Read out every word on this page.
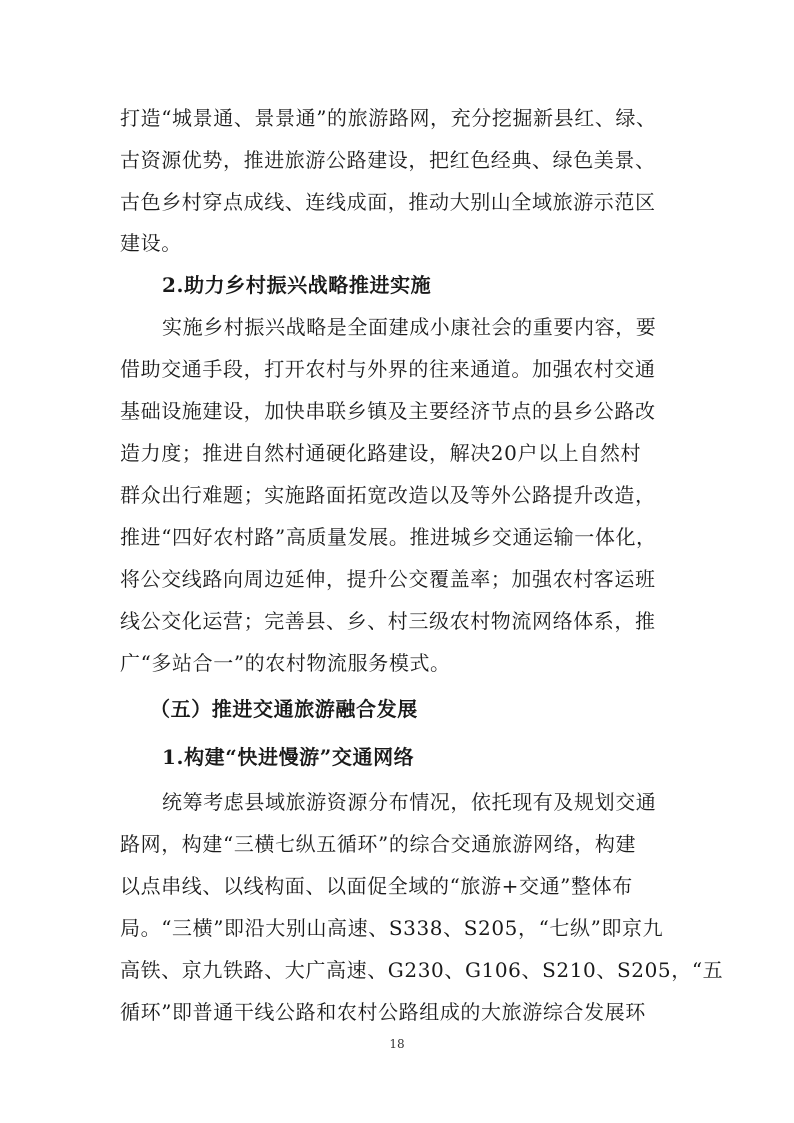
打造“城景通、景景通”的旅游路网，充分挖掘新县红、绿、
古资源优势，推进旅游公路建设，把红色经典、绿色美景、
古色乡村穿点成线、连线成面，推动大别山全域旅游示范区
建设。
2.助力乡村振兴战略推进实施
实施乡村振兴战略是全面建成小康社会的重要内容，要
借助交通手段，打开农村与外界的往来通道。加强农村交通
基础设施建设，加快串联乡镇及主要经济节点的县乡公路改
造力度；推进自然村通硬化路建设，解决20户以上自然村
群众出行难题；实施路面拓宽改造以及等外公路提升改造，
推进“四好农村路”高质量发展。推进城乡交通运输一体化，
将公交线路向周边延伸，提升公交覆盖率；加强农村客运班
线公交化运营；完善县、乡、村三级农村物流网络体系，推
广“多站合一”的农村物流服务模式。
（五）推进交通旅游融合发展
1.构建“快进慢游”交通网络
统筹考虑县域旅游资源分布情况，依托现有及规划交通
路网，构建“三横七纵五循环”的综合交通旅游网络，构建
以点串线、以线构面、以面促全域的“旅游+交通”整体布
局。“三横”即沿大别山高速、S338、S205，“七纵”即京九
高铁、京九铁路、大广高速、G230、G106、S210、S205，“五
循环”即普通干线公路和农村公路组成的大旅游综合发展环
18
